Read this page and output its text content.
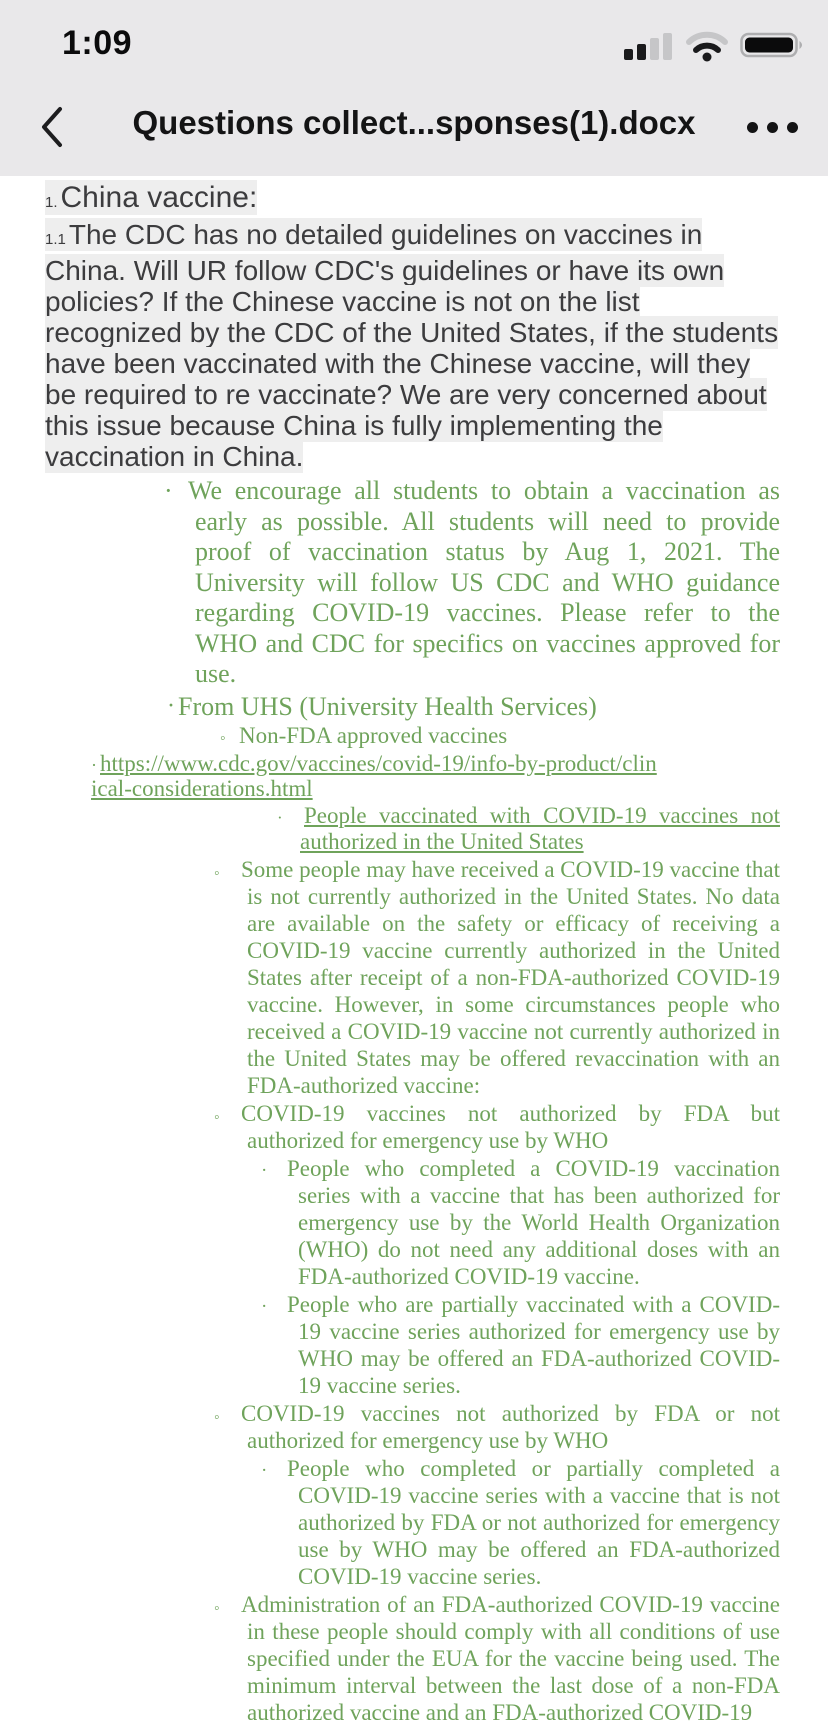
1:09
Questions collect...sponses(1).docx
1. China vaccine:
1.1 The CDC has no detailed guidelines on vaccines in China. Will UR follow CDC's guidelines or have its own policies? If the Chinese vaccine is not on the list recognized by the CDC of the United States, if the students have been vaccinated with the Chinese vaccine, will they be required to re vaccinate? We are very concerned about this issue because China is fully implementing the vaccination in China.
· We encourage all students to obtain a vaccination as early as possible. All students will need to provide proof of vaccination status by Aug 1, 2021. The University will follow US CDC and WHO guidance regarding COVID-19 vaccines. Please refer to the WHO and CDC for specifics on vaccines approved for use.
· From UHS (University Health Services)
◦ Non-FDA approved vaccines
· https://www.cdc.gov/vaccines/covid-19/info-by-product/clinical-considerations.html
· People vaccinated with COVID-19 vaccines not authorized in the United States
◦ Some people may have received a COVID-19 vaccine that is not currently authorized in the United States. No data are available on the safety or efficacy of receiving a COVID-19 vaccine currently authorized in the United States after receipt of a non-FDA-authorized COVID-19 vaccine. However, in some circumstances people who received a COVID-19 vaccine not currently authorized in the United States may be offered revaccination with an FDA-authorized vaccine:
◦ COVID-19 vaccines not authorized by FDA but authorized for emergency use by WHO
· People who completed a COVID-19 vaccination series with a vaccine that has been authorized for emergency use by the World Health Organization (WHO) do not need any additional doses with an FDA-authorized COVID-19 vaccine.
· People who are partially vaccinated with a COVID-19 vaccine series authorized for emergency use by WHO may be offered an FDA-authorized COVID-19 vaccine series.
◦ COVID-19 vaccines not authorized by FDA or not authorized for emergency use by WHO
· People who completed or partially completed a COVID-19 vaccine series with a vaccine that is not authorized by FDA or not authorized for emergency use by WHO may be offered an FDA-authorized COVID-19 vaccine series.
◦ Administration of an FDA-authorized COVID-19 vaccine in these people should comply with all conditions of use specified under the EUA for the vaccine being used. The minimum interval between the last dose of a non-FDA authorized vaccine and an FDA-authorized COVID-19
